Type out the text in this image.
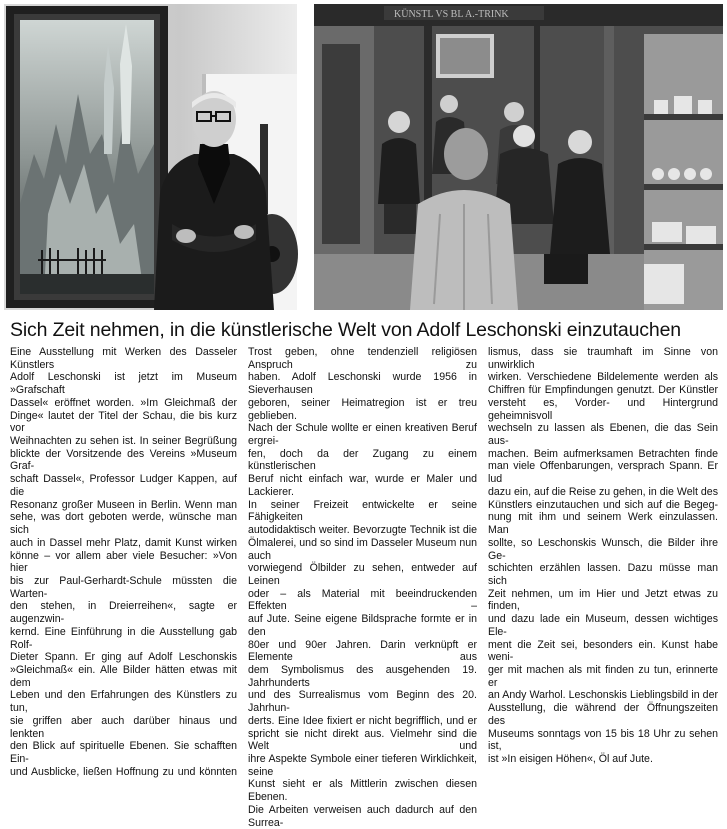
KÜNSTL VS BL A.-TRINK
Sich Zeit nehmen, in die künstlerische Welt von Adolf Leschonski einzutauchen
Eine Ausstellung mit Werken des Dasseler Künstlers
Adolf Leschonski ist jetzt im Museum »Grafschaft
Dassel« eröffnet worden. »Im Gleichmaß der
Dinge« lautet der Titel der Schau, die bis kurz vor
Weihnachten zu sehen ist. In seiner Begrüßung
blickte der Vorsitzende des Vereins »Museum Graf-
schaft Dassel«, Professor Ludger Kappen, auf die
Resonanz großer Museen in Berlin. Wenn man
sehe, was dort geboten werde, wünsche man sich
auch in Dassel mehr Platz, damit Kunst wirken
könne – vor allem aber viele Besucher: »Von hier
bis zur Paul-Gerhardt-Schule müssten die Warten-
den stehen, in Dreierreihen«, sagte er augenzwin-
kernd. Eine Einführung in die Ausstellung gab Rolf-
Dieter Spann. Er ging auf Adolf Leschonskis
»Gleichmaß« ein. Alle Bilder hätten etwas mit dem
Leben und den Erfahrungen des Künstlers zu tun,
sie griffen aber auch darüber hinaus und lenkten
den Blick auf spirituelle Ebenen. Sie schafften Ein-
und Ausblicke, ließen Hoffnung zu und könnten
Trost geben, ohne tendenziell religiösen Anspruch zu
haben. Adolf Leschonski wurde 1956 in Sieverhausen
geboren, seiner Heimatregion ist er treu geblieben.
Nach der Schule wollte er einen kreativen Beruf ergrei-
fen, doch da der Zugang zu einem künstlerischen
Beruf nicht einfach war, wurde er Maler und Lackierer.
In seiner Freizeit entwickelte er seine Fähigkeiten
autodidaktisch weiter. Bevorzugte Technik ist die
Ölmalerei, und so sind im Dasseler Museum nun auch
vorwiegend Ölbilder zu sehen, entweder auf Leinen
oder – als Material mit beeindruckenden Effekten –
auf Jute. Seine eigene Bildsprache formte er in den
80er und 90er Jahren. Darin verknüpft er Elemente aus
dem Symbolismus des ausgehenden 19. Jahrhunderts
und des Surrealismus vom Beginn des 20. Jahrhun-
derts. Eine Idee fixiert er nicht begrifflich, und er
spricht sie nicht direkt aus. Vielmehr sind die Welt und
ihre Aspekte Symbole einer tieferen Wirklichkeit, seine
Kunst sieht er als Mittlerin zwischen diesen Ebenen.
Die Arbeiten verweisen auch dadurch auf den Surrea-
lismus, dass sie traumhaft im Sinne von unwirklich
wirken. Verschiedene Bildelemente werden als
Chiffren für Empfindungen genutzt. Der Künstler
versteht es, Vorder- und Hintergrund geheimnisvoll
wechseln zu lassen als Ebenen, die das Sein aus-
machen. Beim aufmerksamen Betrachten finde
man viele Offenbarungen, versprach Spann. Er lud
dazu ein, auf die Reise zu gehen, in die Welt des
Künstlers einzutauchen und sich auf die Begeg-
nung mit ihm und seinem Werk einzulassen. Man
sollte, so Leschonskis Wunsch, die Bilder ihre Ge-
schichten erzählen lassen. Dazu müsse man sich
Zeit nehmen, um im Hier und Jetzt etwas zu finden,
und dazu lade ein Museum, dessen wichtiges Ele-
ment die Zeit sei, besonders ein. Kunst habe weni-
ger mit machen als mit finden zu tun, erinnerte er
an Andy Warhol. Leschonskis Lieblingsbild in der
Ausstellung, die während der Öffnungszeiten des
Museums sonntags von 15 bis 18 Uhr zu sehen ist,
ist »In eisigen Höhen«, Öl auf Jute.
